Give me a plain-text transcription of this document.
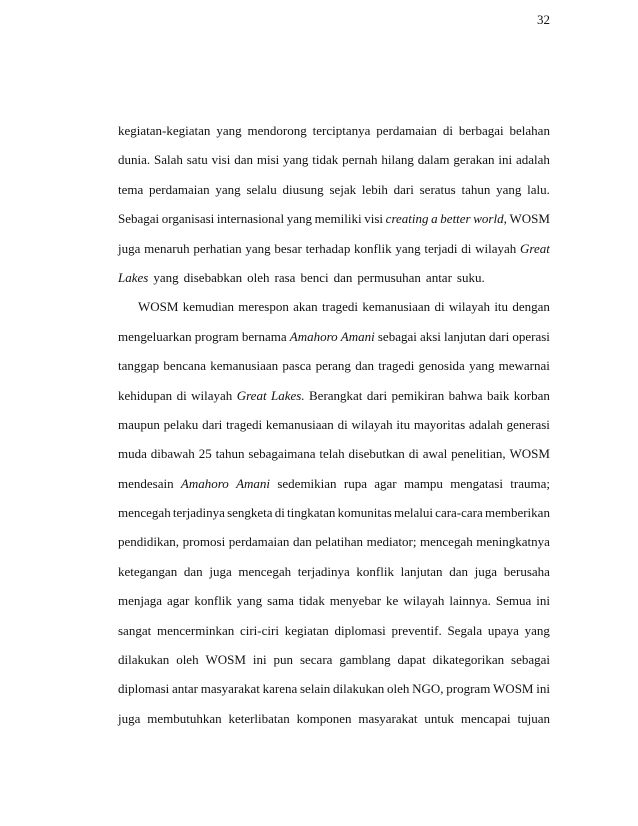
32
kegiatan-kegiatan yang mendorong terciptanya perdamaian di berbagai belahan
dunia. Salah satu visi dan misi yang tidak pernah hilang dalam gerakan ini adalah
tema perdamaian yang selalu diusung sejak lebih dari seratus tahun yang lalu.
Sebagai organisasi internasional yang memiliki visi creating a better world, WOSM
juga menaruh perhatian yang besar terhadap konflik yang terjadi di wilayah Great
Lakes yang disebabkan oleh rasa benci dan permusuhan antar suku.
WOSM kemudian merespon akan tragedi kemanusiaan di wilayah itu dengan
mengeluarkan program bernama Amahoro Amani sebagai aksi lanjutan dari operasi
tanggap bencana kemanusiaan pasca perang dan tragedi genosida yang mewarnai
kehidupan di wilayah Great Lakes. Berangkat dari pemikiran bahwa baik korban
maupun pelaku dari tragedi kemanusiaan di wilayah itu mayoritas adalah generasi
muda dibawah 25 tahun sebagaimana telah disebutkan di awal penelitian, WOSM
mendesain Amahoro Amani sedemikian rupa agar mampu mengatasi trauma;
mencegah terjadinya sengketa di tingkatan komunitas melalui cara-cara memberikan
pendidikan, promosi perdamaian dan pelatihan mediator; mencegah meningkatnya
ketegangan dan juga mencegah terjadinya konflik lanjutan dan juga berusaha
menjaga agar konflik yang sama tidak menyebar ke wilayah lainnya. Semua ini
sangat mencerminkan ciri-ciri kegiatan diplomasi preventif. Segala upaya yang
dilakukan oleh WOSM ini pun secara gamblang dapat dikategorikan sebagai
diplomasi antar masyarakat karena selain dilakukan oleh NGO, program WOSM ini
juga membutuhkan keterlibatan komponen masyarakat untuk mencapai tujuan
